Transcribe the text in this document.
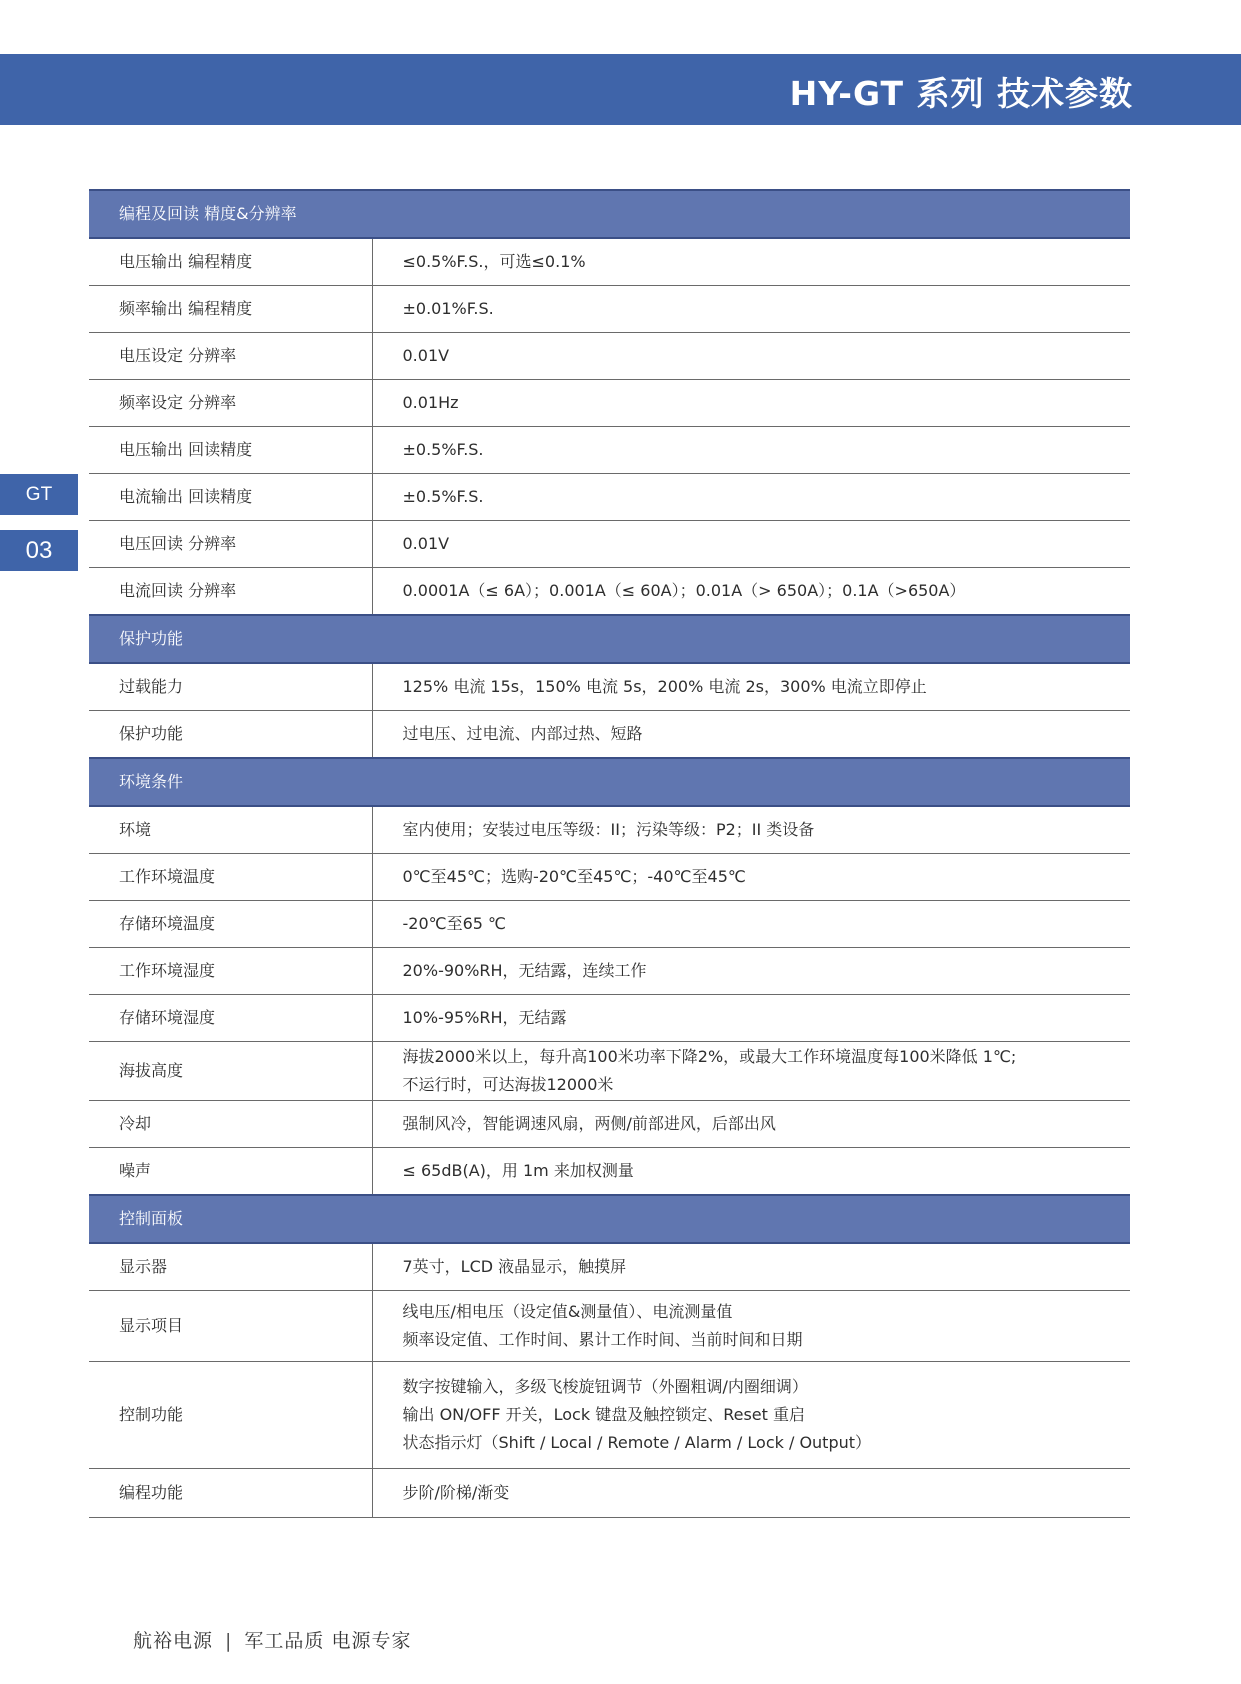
HY-GT 系列 技术参数
GT
03
编程及回读 精度&分辨率	
电压输出 编程精度	≤0.5%F.S.，可选≤0.1%
频率输出 编程精度	±0.01%F.S.
电压设定 分辨率	0.01V
频率设定 分辨率	0.01Hz
电压输出 回读精度	±0.5%F.S.
电流输出 回读精度	±0.5%F.S.
电压回读 分辨率	0.01V
电流回读 分辨率	0.0001A（≤ 6A）；0.001A（≤ 60A）；0.01A（> 650A）；0.1A（>650A）
保护功能	
过载能力	125% 电流 15s，150% 电流 5s，200% 电流 2s，300% 电流立即停止
保护功能	过电压、过电流、内部过热、短路
环境条件	
环境	室内使用；安装过电压等级：II；污染等级：P2；II 类设备
工作环境温度	0℃至45℃；选购-20℃至45℃；-40℃至45℃
存储环境温度	-20℃至65 ℃
工作环境湿度	20%-90%RH，无结露，连续工作
存储环境湿度	10%-95%RH，无结露
海拔高度	海拔2000米以上，每升高100米功率下降2%，或最大工作环境温度每100米降低 1℃;
不运行时，可达海拔12000米

冷却	强制风冷，智能调速风扇，两侧/前部进风，后部出风
噪声	≤ 65dB(A)，用 1m 来加权测量
控制面板	
显示器	7英寸，LCD 液晶显示，触摸屏
显示项目	线电压/相电压（设定值&测量值）、电流测量值
频率设定值、工作时间、累计工作时间、当前时间和日期

控制功能	数字按键输入，多级飞梭旋钮调节（外圈粗调/内圈细调）
输出 ON/OFF 开关，Lock 键盘及触控锁定、Reset 重启
状态指示灯（Shift / Local / Remote / Alarm / Lock / Output）

编程功能	步阶/阶梯/渐变
航裕电源 | 军工品质 电源专家
